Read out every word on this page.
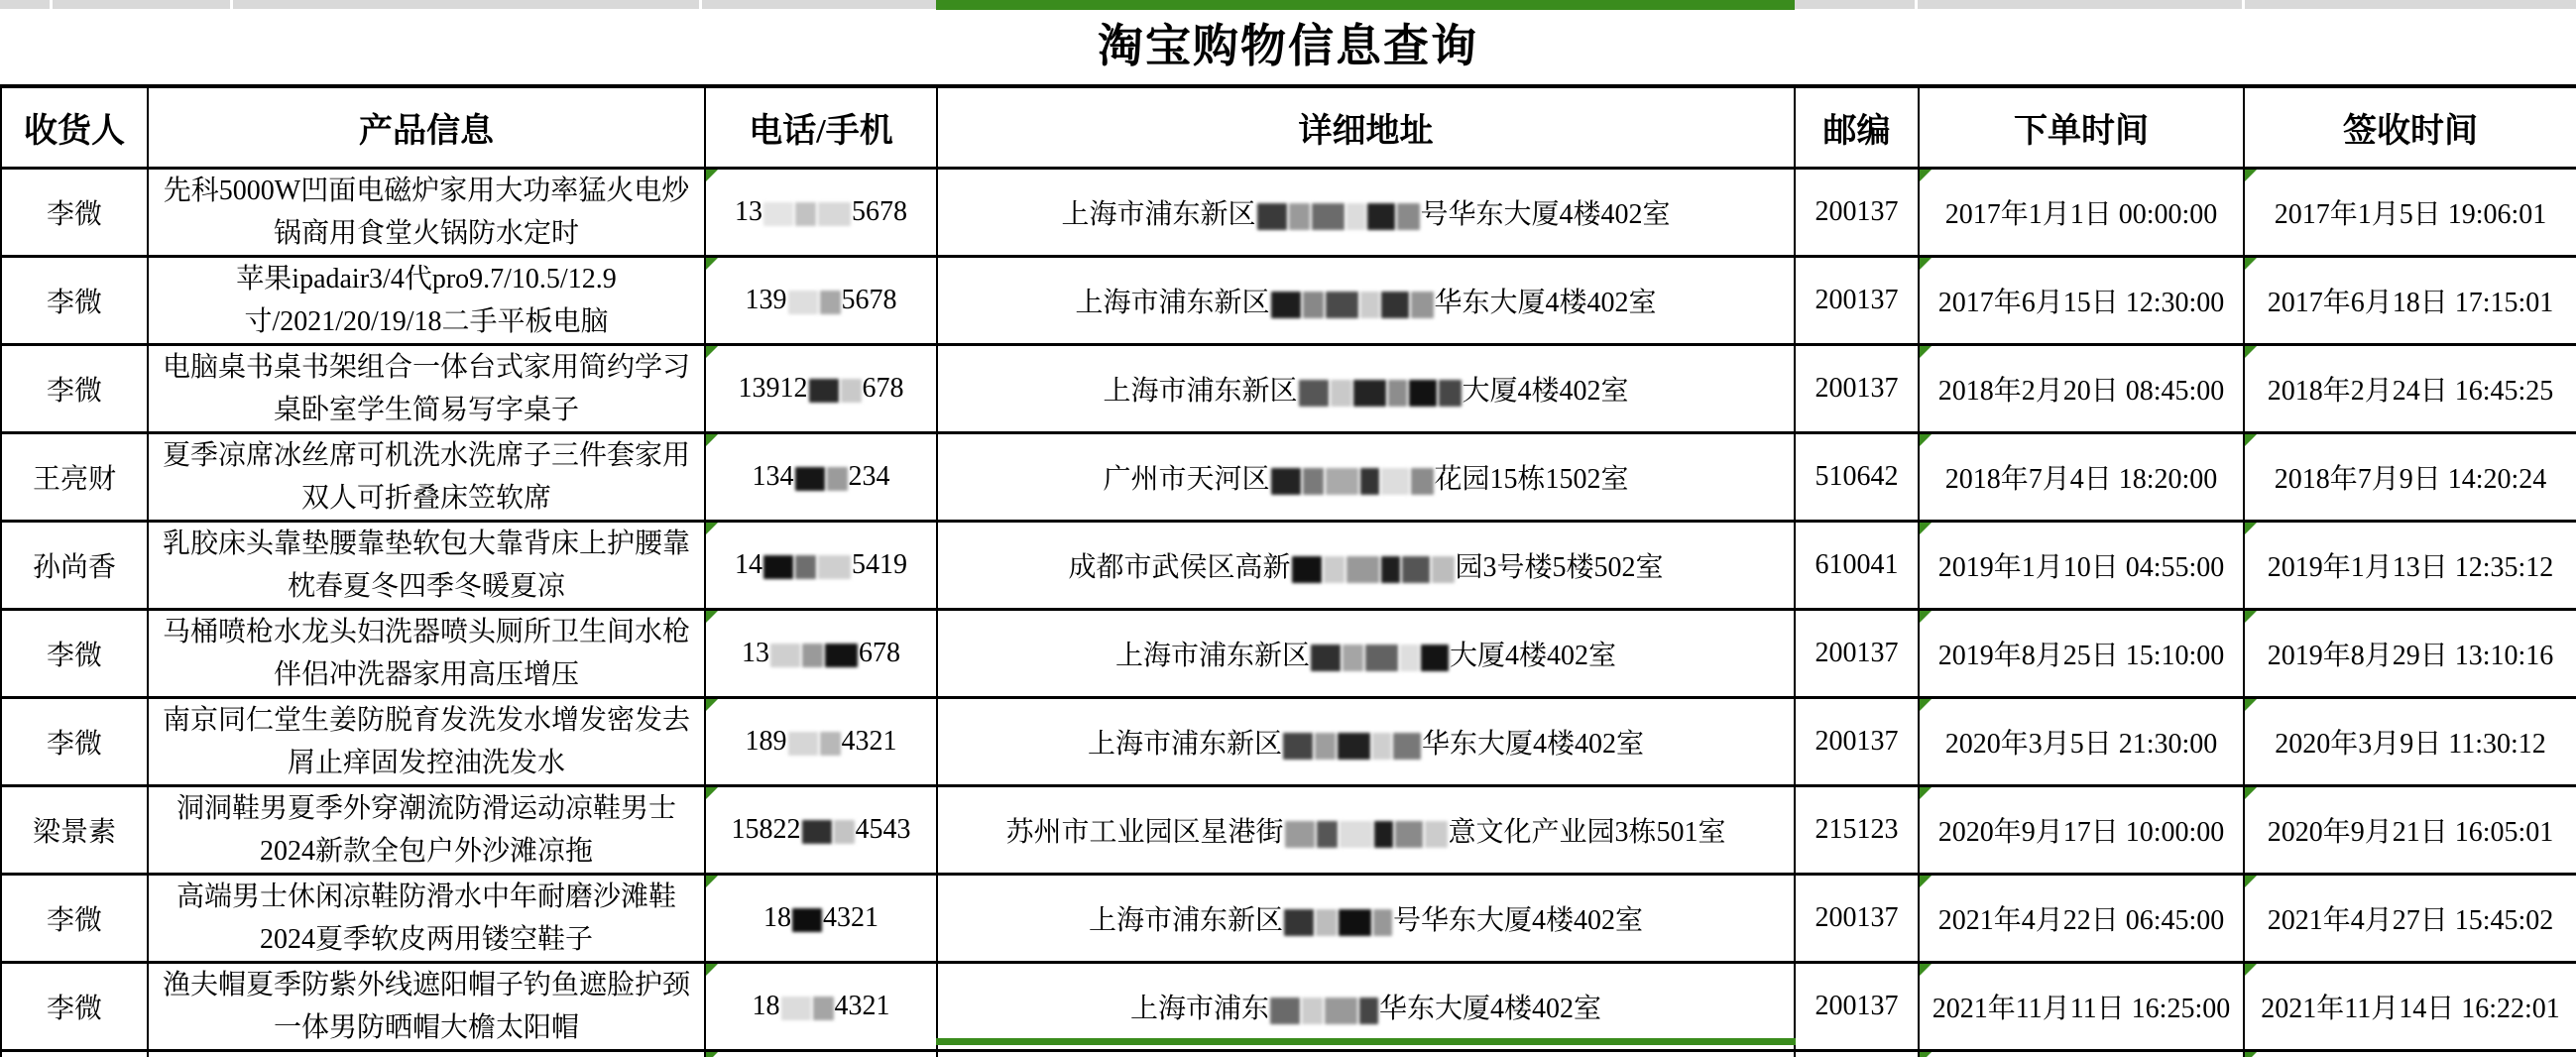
淘宝购物信息查询
收货人	产品信息	电话/手机	详细地址	邮编	下单时间	签收时间
李微	先科5000W凹面电磁炉家用大功率猛火电炒锅商用食堂火锅防水定时	13 5678	上海市浦东新区 号华东大厦4楼402室	200137	2017年1月1日 00:00:00	2017年1月5日 19:06:01
李微	苹果ipadair3/4代pro9.7/10.5/12.9寸/2021/20/19/18二手平板电脑	139 5678	上海市浦东新区 华东大厦4楼402室	200137	2017年6月15日 12:30:00	2017年6月18日 17:15:01
李微	电脑桌书桌书架组合一体台式家用简约学习桌卧室学生简易写字桌子	13912 678	上海市浦东新区 大厦4楼402室	200137	2018年2月20日 08:45:00	2018年2月24日 16:45:25
王亮财	夏季凉席冰丝席可机洗水洗席子三件套家用双人可折叠床笠软席	134 234	广州市天河区 花园15栋1502室	510642	2018年7月4日 18:20:00	2018年7月9日 14:20:24
孙尚香	乳胶床头靠垫腰靠垫软包大靠背床上护腰靠枕春夏冬四季冬暖夏凉	14 5419	成都市武侯区高新 园3号楼5楼502室	610041	2019年1月10日 04:55:00	2019年1月13日 12:35:12
李微	马桶喷枪水龙头妇洗器喷头厕所卫生间水枪伴侣冲洗器家用高压增压	13 678	上海市浦东新区 大厦4楼402室	200137	2019年8月25日 15:10:00	2019年8月29日 13:10:16
李微	南京同仁堂生姜防脱育发洗发水增发密发去屑止痒固发控油洗发水	189 4321	上海市浦东新区 华东大厦4楼402室	200137	2020年3月5日 21:30:00	2020年3月9日 11:30:12
梁景素	洞洞鞋男夏季外穿潮流防滑运动凉鞋男士2024新款全包户外沙滩凉拖	15822 4543	苏州市工业园区星港街 意文化产业园3栋501室	215123	2020年9月17日 10:00:00	2020年9月21日 16:05:01
李微	高端男士休闲凉鞋防滑水中年耐磨沙滩鞋2024夏季软皮两用镂空鞋子	18 4321	上海市浦东新区 号华东大厦4楼402室	200137	2021年4月22日 06:45:00	2021年4月27日 15:45:02
李微	渔夫帽夏季防紫外线遮阳帽子钓鱼遮脸护颈一体男防晒帽大檐太阳帽	18 4321	上海市浦东 华东大厦4楼402室	200137	2021年11月11日 16:25:00	2021年11月14日 16:22:01
